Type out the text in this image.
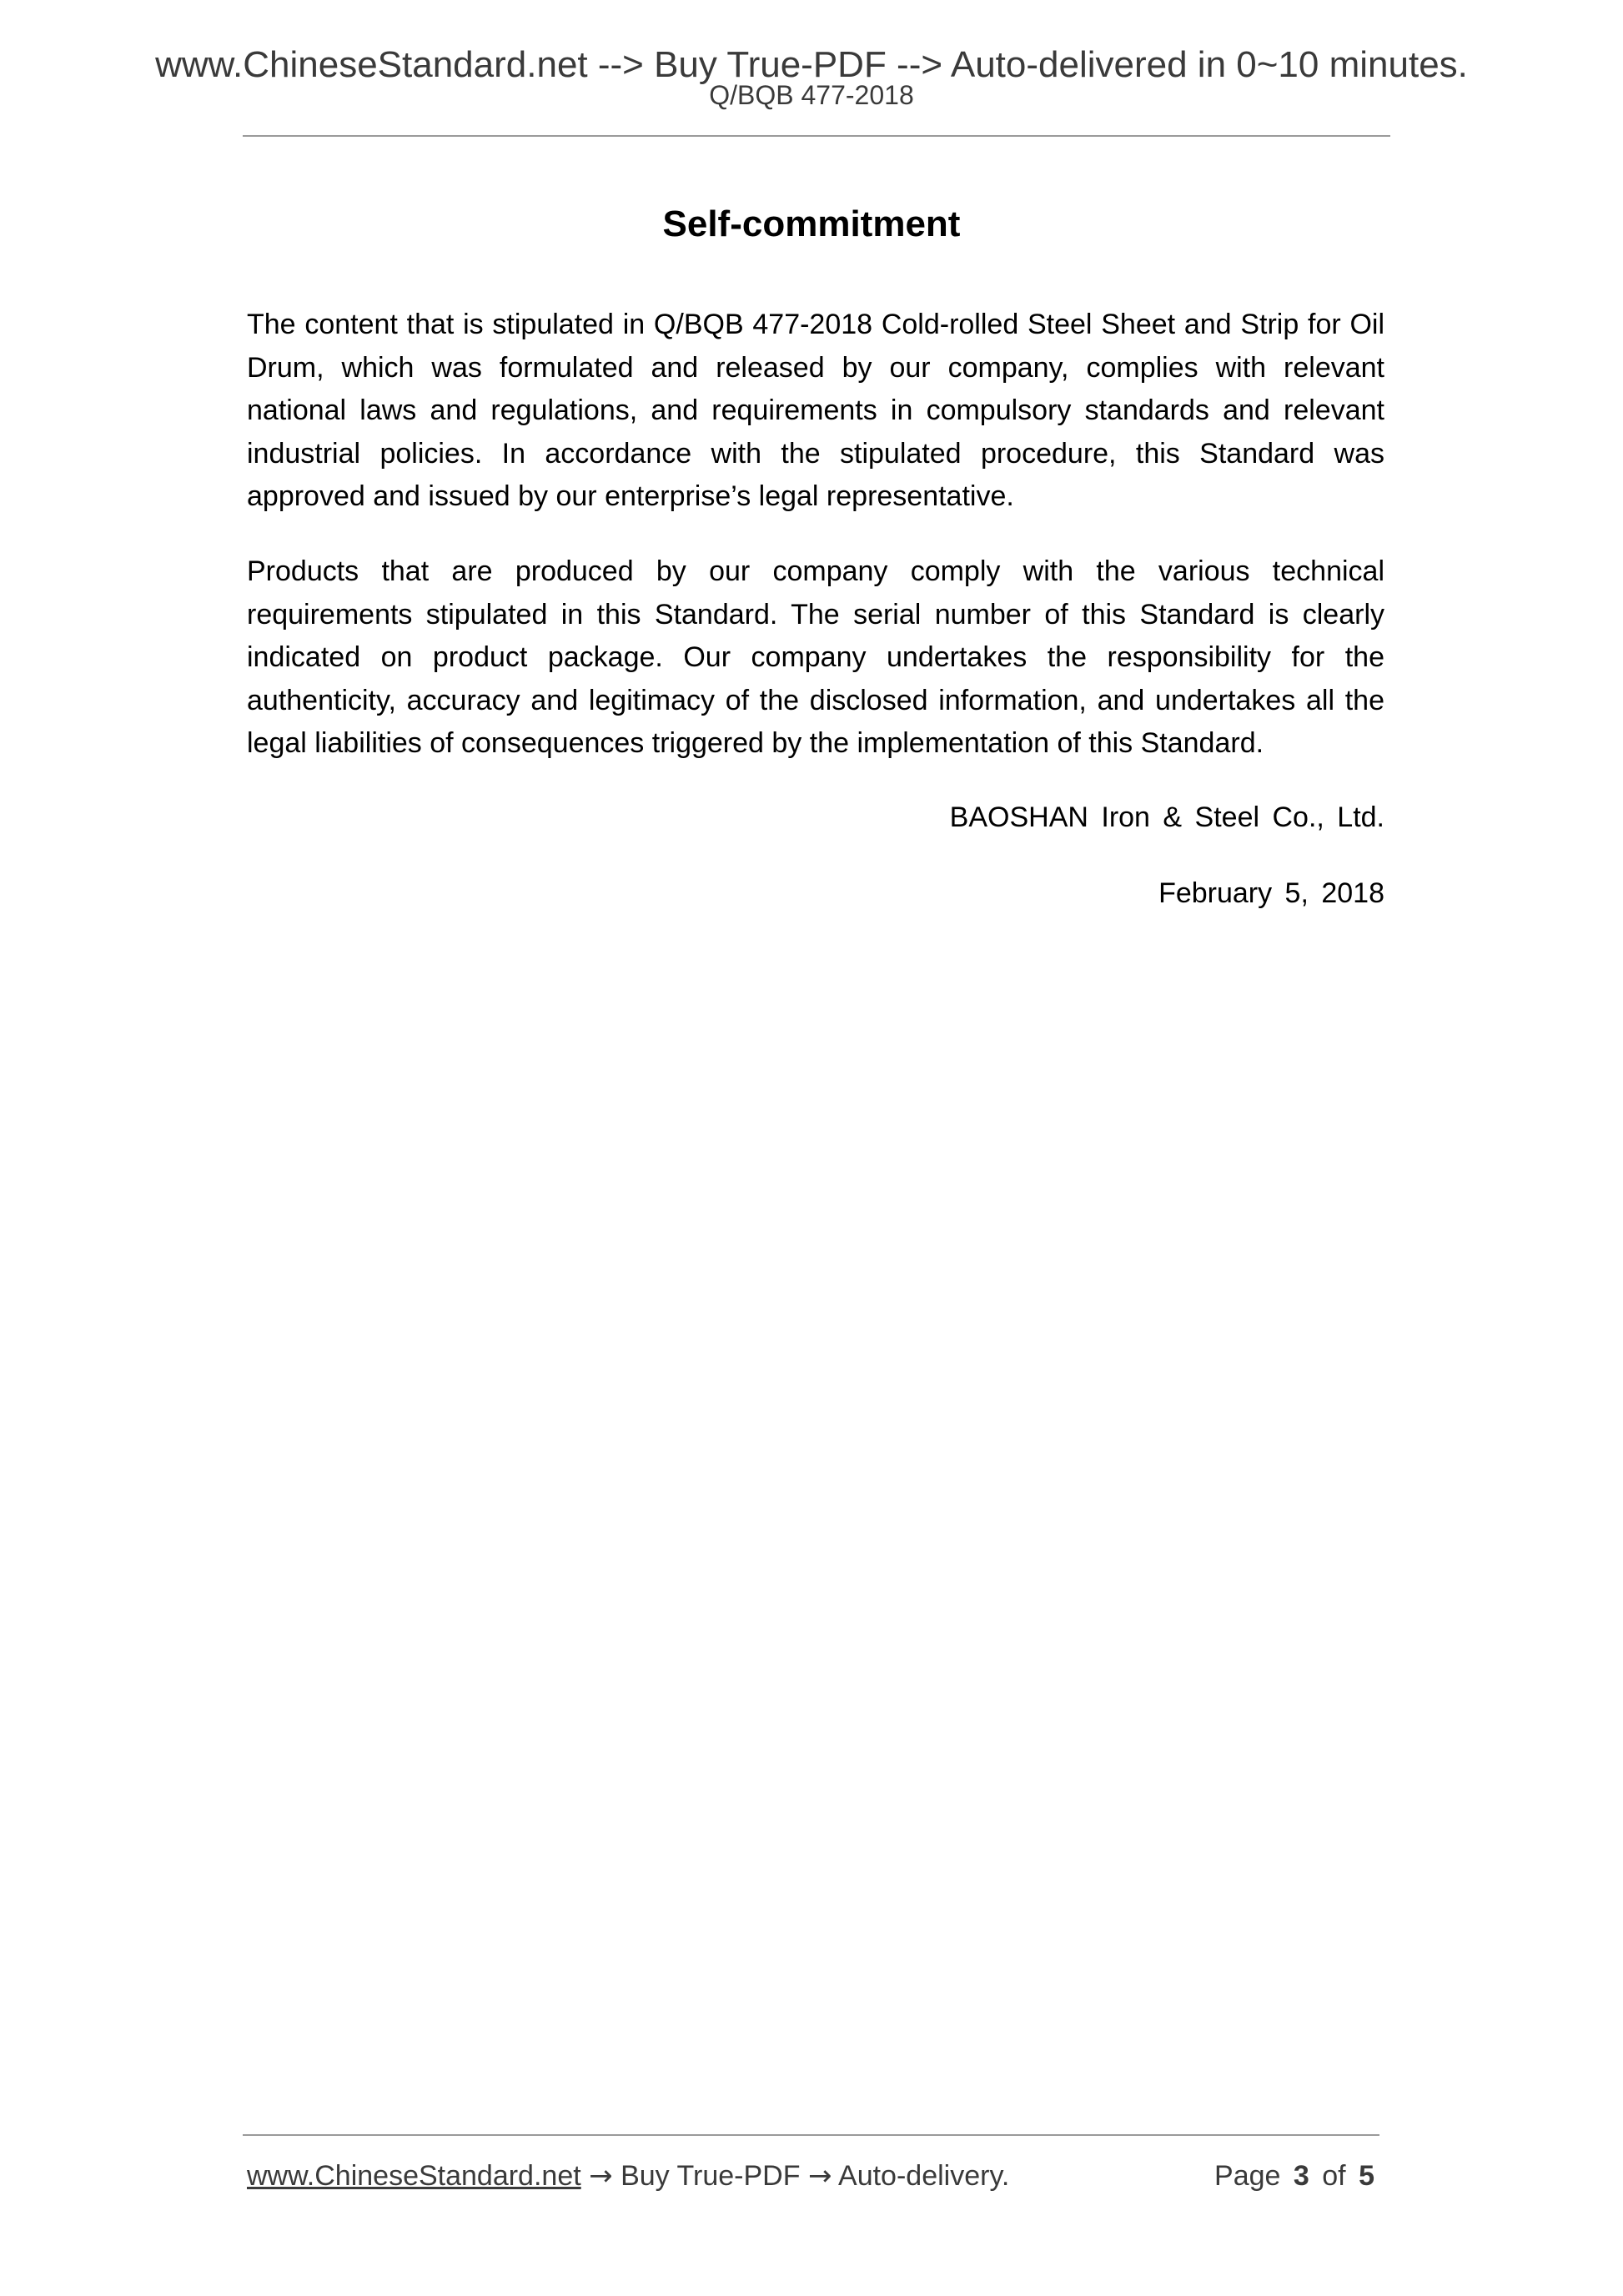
www.ChineseStandard.net --> Buy True-PDF --> Auto-delivered in 0~10 minutes.
Q/BQB 477-2018
Self-commitment

The content that is stipulated in Q/BQB 477-2018 Cold-rolled Steel Sheet and Strip for Oil Drum, which was formulated and released by our company, complies with relevant national laws and regulations, and requirements in compulsory standards and relevant industrial policies. In accordance with the stipulated procedure, this Standard was approved and issued by our enterprise’s legal representative.

Products that are produced by our company comply with the various technical requirements stipulated in this Standard. The serial number of this Standard is clearly indicated on product package. Our company undertakes the responsibility for the authenticity, accuracy and legitimacy of the disclosed information, and undertakes all the legal liabilities of consequences triggered by the implementation of this Standard.

BAOSHAN Iron & Steel Co., Ltd.
February 5, 2018
www.ChineseStandard.net → Buy True-PDF → Auto-delivery.	Page 3 of 5
